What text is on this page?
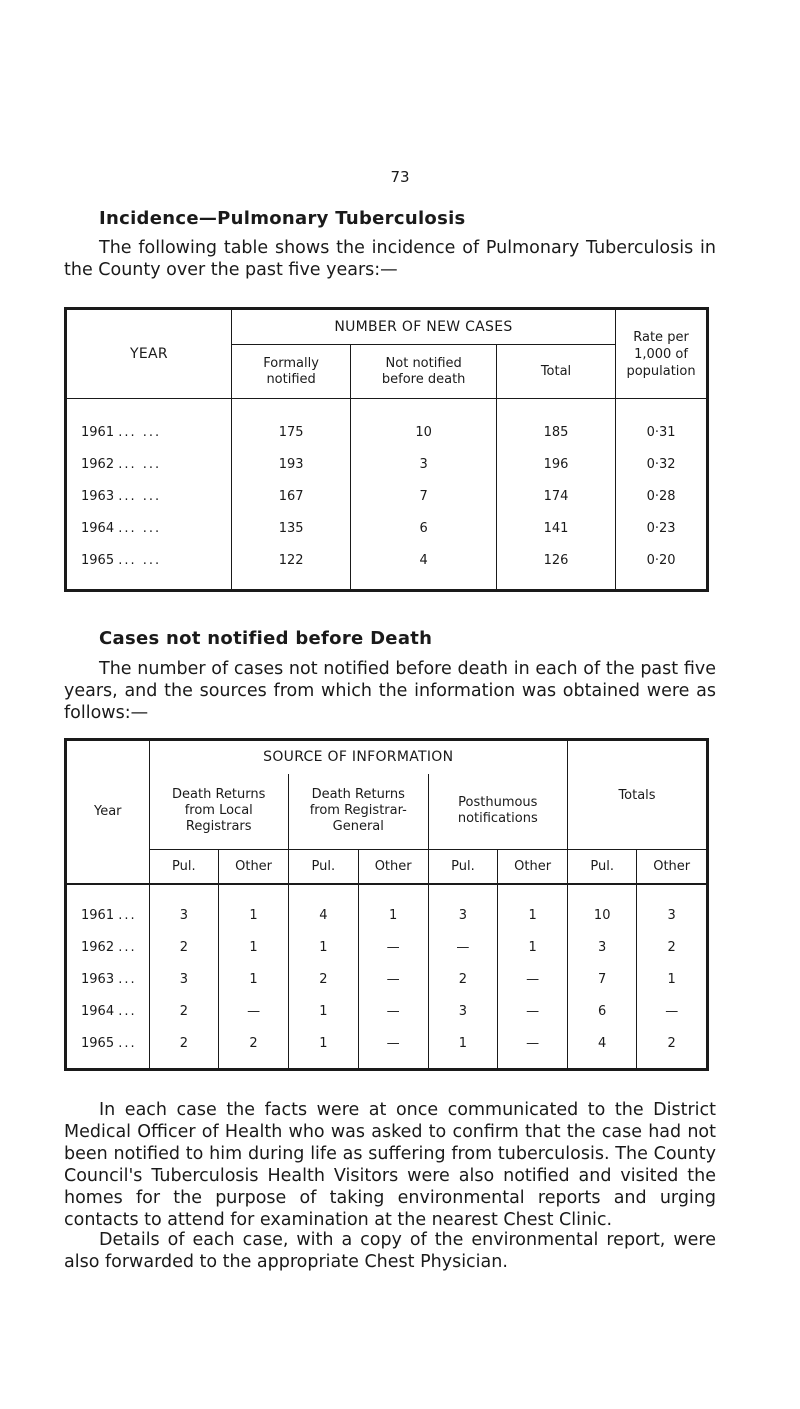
73
Incidence—Pulmonary Tuberculosis
The following table shows the incidence of Pulmonary Tuberculosis in the County over the past five years:—
YEAR	NUMBER OF NEW CASES			Rate per 1,000 of population

	Formally notified	Not notified before death	Total	

1961 ... ...	175	10	185	0·31
1962 ... ...	193	3	196	0·32
1963 ... ...	167	7	174	0·28
1964 ... ...	135	6	141	0·23
1965 ... ...	122	4	126	0·20

Cases not notified before Death
The number of cases not notified before death in each of the past five years, and the sources from which the information was obtained were as follows:—
Year	SOURCE OF INFORMATION						Totals	

	Death Returns from Local Registrars		Death Returns from Registrar-General		Posthumous notifications			

	Pul.	Other	Pul.	Other	Pul.	Other	Pul.	Other

1961 ...	3	1	4	1	3	1	10	3
1962 ...	2	1	1	—	—	1	3	2
1963 ...	3	1	2	—	2	—	7	1
1964 ...	2	—	1	—	3	—	6	—
1965 ...	2	2	1	—	1	—	4	2

In each case the facts were at once communicated to the District Medical Officer of Health who was asked to confirm that the case had not been notified to him during life as suffering from tuberculosis. The County Council's Tuberculosis Health Visitors were also notified and visited the homes for the purpose of taking environmental reports and urging contacts to attend for examination at the nearest Chest Clinic.
Details of each case, with a copy of the environmental report, were also forwarded to the appropriate Chest Physician.
